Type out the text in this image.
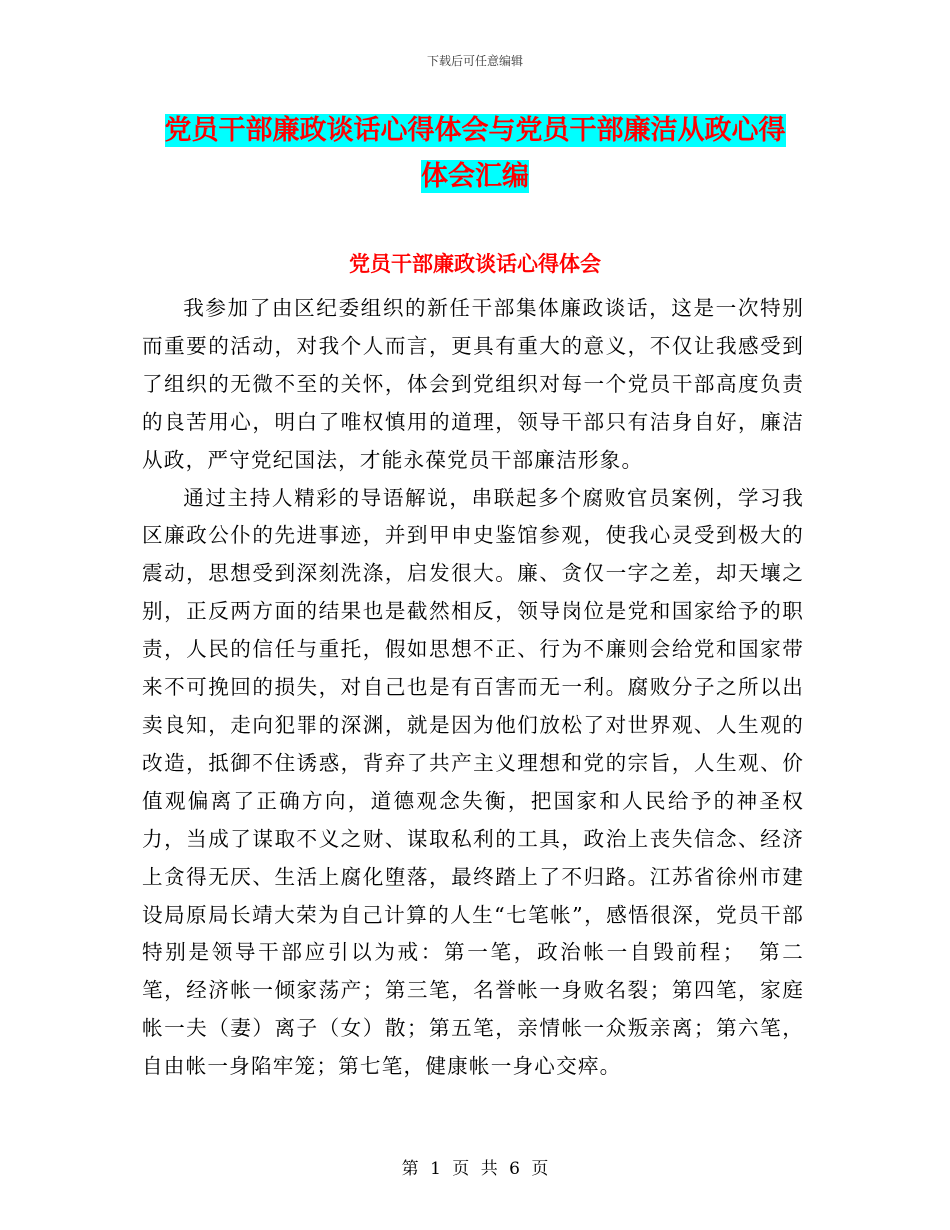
下载后可任意编辑
党员干部廉政谈话心得体会与党员干部廉洁从政心得
体会汇编
党员干部廉政谈话心得体会

我参加了由区纪委组织的新任干部集体廉政谈话，这是一次特别而重要的活动，对我个人而言，更具有重大的意义，不仅让我感受到了组织的无微不至的关怀，体会到党组织对每一个党员干部高度负责的良苦用心，明白了唯权慎用的道理，领导干部只有洁身自好，廉洁从政，严守党纪国法，才能永葆党员干部廉洁形象。

通过主持人精彩的导语解说，串联起多个腐败官员案例，学习我区廉政公仆的先进事迹，并到甲申史鉴馆参观，使我心灵受到极大的震动，思想受到深刻洗涤，启发很大。廉、贪仅一字之差，却天壤之别，正反两方面的结果也是截然相反，领导岗位是党和国家给予的职责，人民的信任与重托，假如思想不正、行为不廉则会给党和国家带来不可挽回的损失，对自己也是有百害而无一利。腐败分子之所以出卖良知，走向犯罪的深渊，就是因为他们放松了对世界观、人生观的改造，抵御不住诱惑，背弃了共产主义理想和党的宗旨，人生观、价值观偏离了正确方向，道德观念失衡，把国家和人民给予的神圣权力，当成了谋取不义之财、谋取私利的工具，政治上丧失信念、经济上贪得无厌、生活上腐化堕落，最终踏上了不归路。江苏省徐州市建设局原局长靖大荣为自己计算的人生“七笔帐”，感悟很深，党员干部特别是领导干部应引以为戒：第一笔，政治帐一自毁前程；　第二笔，经济帐一倾家荡产；第三笔，名誉帐一身败名裂；第四笔，家庭帐一夫（妻）离子（女）散；第五笔，亲情帐一众叛亲离；第六笔，自由帐一身陷牢笼；第七笔，健康帐一身心交瘁。

第 1 页 共 6 页
